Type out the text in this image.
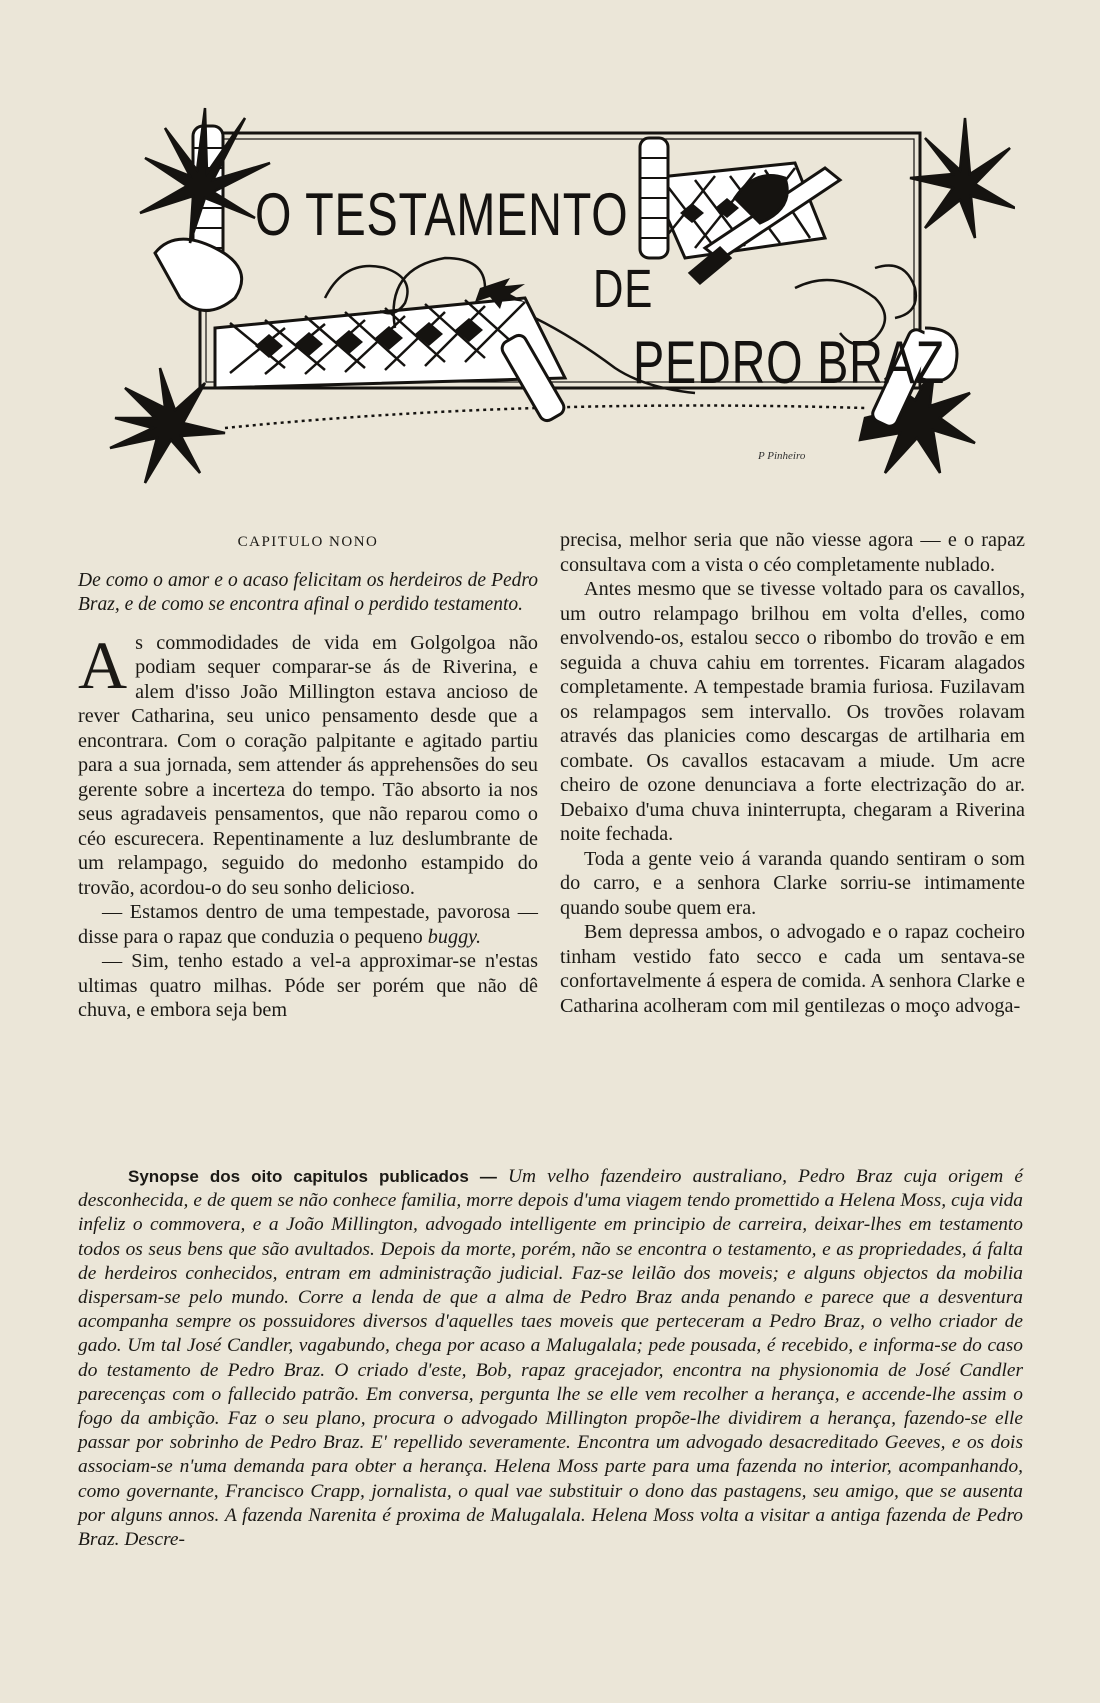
O TESTAMENTO
DE
PEDRO BRAZ
P Pinheiro
CAPITULO NONO
De como o amor e o acaso felicitam os herdeiros de Pedro Braz, e de como se encontra afinal o perdido testamento.

As commodidades de vida em Golgolgoa não podiam sequer comparar-se ás de Riverina, e alem d'isso João Millington estava ancioso de rever Catharina, seu unico pensamento desde que a encontrara. Com o coração palpitante e agitado partiu para a sua jornada, sem attender ás apprehensões do seu gerente sobre a incerteza do tempo. Tão absorto ia nos seus agradaveis pensamentos, que não reparou como o céo escurecera. Repentinamente a luz deslumbrante de um relampago, seguido do medonho estampido do trovão, acordou-o do seu sonho delicioso.

— Estamos dentro de uma tempestade, pavorosa — disse para o rapaz que conduzia o pequeno buggy.

— Sim, tenho estado a vel-a approximar-se n'estas ultimas quatro milhas. Póde ser porém que não dê chuva, e embora seja bem

precisa, melhor seria que não viesse agora — e o rapaz consultava com a vista o céo completamente nublado.

Antes mesmo que se tivesse voltado para os cavallos, um outro relampago brilhou em volta d'elles, como envolvendo-os, estalou secco o ribombo do trovão e em seguida a chuva cahiu em torrentes. Ficaram alagados completamente. A tempestade bramia furiosa. Fuzilavam os relampagos sem intervallo. Os trovões rolavam através das planicies como descargas de artilharia em combate. Os cavallos estacavam a miude. Um acre cheiro de ozone denunciava a forte electrização do ar. Debaixo d'uma chuva ininterrupta, chegaram a Riverina noite fechada.

Toda a gente veio á varanda quando sentiram o som do carro, e a senhora Clarke sorriu-se intimamente quando soube quem era.

Bem depressa ambos, o advogado e o rapaz cocheiro tinham vestido fato secco e cada um sentava-se confortavelmente á espera de comida. A senhora Clarke e Catharina acolheram com mil gentilezas o moço advoga-

Synopse dos oito capitulos publicados — Um velho fazendeiro australiano, Pedro Braz cuja origem é desconhecida, e de quem se não conhece familia, morre depois d'uma viagem tendo promettido a Helena Moss, cuja vida infeliz o commovera, e a João Millington, advogado intelligente em principio de carreira, deixar-lhes em testamento todos os seus bens que são avultados. Depois da morte, porém, não se encontra o testamento, e as propriedades, á falta de herdeiros conhecidos, entram em administração judicial. Faz-se leilão dos moveis; e alguns objectos da mobilia dispersam-se pelo mundo. Corre a lenda de que a alma de Pedro Braz anda penando e parece que a desventura acompanha sempre os possuidores diversos d'aquelles taes moveis que perteceram a Pedro Braz, o velho criador de gado. Um tal José Candler, vagabundo, chega por acaso a Malugalala; pede pousada, é recebido, e informa-se do caso do testamento de Pedro Braz. O criado d'este, Bob, rapaz gracejador, encontra na physionomia de José Candler parecenças com o fallecido patrão. Em conversa, pergunta lhe se elle vem recolher a herança, e accende-lhe assim o fogo da ambição. Faz o seu plano, procura o advogado Millington propõe-lhe dividirem a herança, fazendo-se elle passar por sobrinho de Pedro Braz. E' repellido severamente. Encontra um advogado desacreditado Geeves, e os dois associam-se n'uma demanda para obter a herança. Helena Moss parte para uma fazenda no interior, acompanhando, como governante, Francisco Crapp, jornalista, o qual vae substituir o dono das pastagens, seu amigo, que se ausenta por alguns annos. A fazenda Narenita é proxima de Malugalala. Helena Moss volta a visitar a antiga fazenda de Pedro Braz. Descre-
